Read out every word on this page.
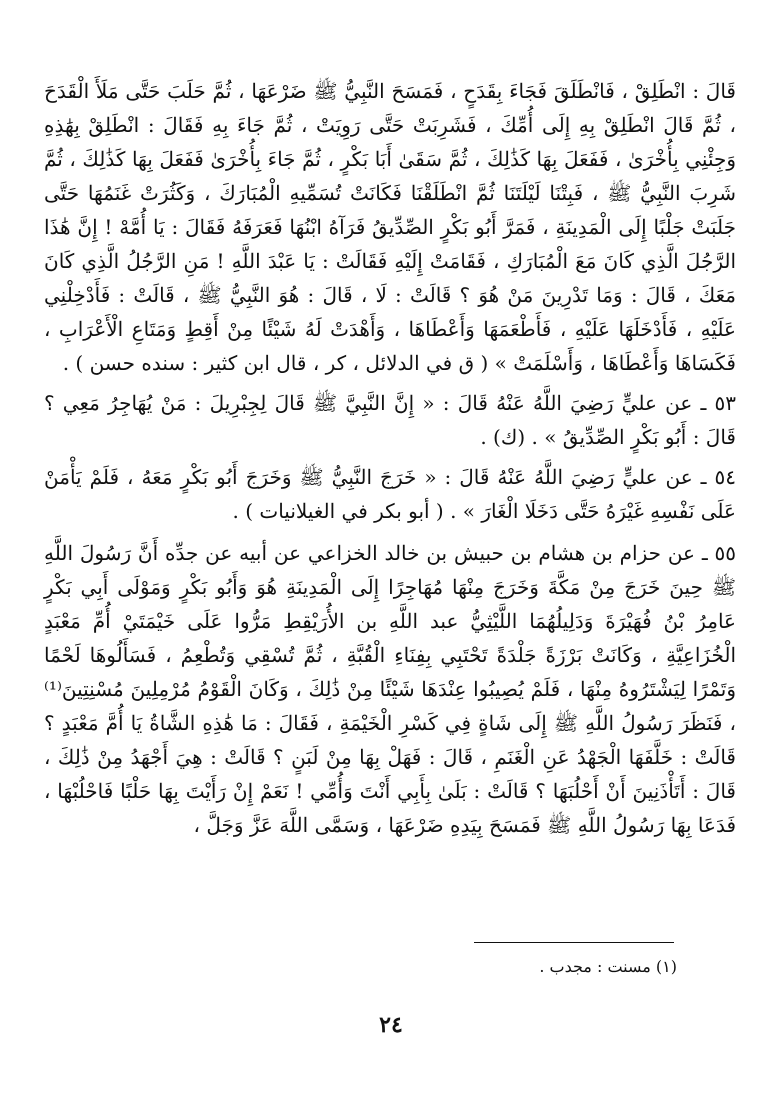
قَالَ : انْطَلِقْ ، فَانْطَلَقَ فَجَاءَ بِقَدَحٍ ، فَمَسَحَ النَّبِيُّ ﷺ ضَرْعَهَا ، ثُمَّ حَلَبَ حَتَّى مَلَأَ الْقَدَحَ ، ثُمَّ قَالَ انْطَلِقْ بِهِ إِلَى أُمِّكَ ، فَشَرِبَتْ حَتَّى رَوِيَتْ ، ثُمَّ جَاءَ بِهِ فَقَالَ : انْطَلِقْ بِهَٰذِهِ وَجِئْنِي بِأُخْرَىٰ ، فَفَعَلَ بِهَا كَذَٰلِكَ ، ثُمَّ سَقَىٰ أَبَا بَكْرٍ ، ثُمَّ جَاءَ بِأُخْرَىٰ فَفَعَلَ بِهَا كَذَٰلِكَ ، ثُمَّ شَرِبَ النَّبِيُّ ﷺ ، فَبِتْنَا لَيْلَتَنَا ثُمَّ انْطَلَقْنَا فَكَانَتْ تُسَمِّيهِ الْمُبَارَكَ ، وَكَثُرَتْ غَنَمُهَا حَتَّى جَلَبَتْ جَلْبًا إِلَى الْمَدِينَةِ ، فَمَرَّ أَبُو بَكْرٍ الصِّدِّيقُ فَرَآهُ ابْنُهَا فَعَرَفَهُ فَقَالَ : يَا أُمَّهْ ! إِنَّ هَٰذَا الرَّجُلَ الَّذِي كَانَ مَعَ الْمُبَارَكِ ، فَقَامَتْ إِلَيْهِ فَقَالَتْ : يَا عَبْدَ اللَّهِ ! مَنِ الرَّجُلُ الَّذِي كَانَ مَعَكَ ، قَالَ : وَمَا تَدْرِينَ مَنْ هُوَ ؟ قَالَتْ : لَا ، قَالَ : هُوَ النَّبِيُّ ﷺ ، قَالَتْ : فَأَدْخِلْنِي عَلَيْهِ ، فَأَدْخَلَهَا عَلَيْهِ ، فَأَطْعَمَهَا وَأَعْطَاهَا ، وَأَهْدَتْ لَهُ شَيْئًا مِنْ أَقِطٍ وَمَتَاعِ الْأَعْرَابِ ، فَكَسَاهَا وَأَعْطَاهَا ، وَأَسْلَمَتْ » ( ق في الدلائل ، كر ، قال ابن كثير : سنده حسن ) .

٥٣ ـ عن عليٍّ رَضِيَ اللَّهُ عَنْهُ قَالَ : « إِنَّ النَّبِيَّ ﷺ قَالَ لِجِبْرِيلَ : مَنْ يُهَاجِرُ مَعِي ؟ قَالَ : أَبُو بَكْرٍ الصِّدِّيقُ » . (ك) .

٥٤ ـ عن عليٍّ رَضِيَ اللَّهُ عَنْهُ قَالَ : « خَرَجَ النَّبِيُّ ﷺ وَخَرَجَ أَبُو بَكْرٍ مَعَهُ ، فَلَمْ يَأْمَنْ عَلَى نَفْسِهِ غَيْرَهُ حَتَّى دَخَلَا الْغَارَ » . ( أبو بكر في الغيلانيات ) .

٥٥ ـ عن حزام بن هشام بن حبيش بن خالد الخزاعي عن أبيه عن جدِّه أَنَّ رَسُولَ اللَّهِ ﷺ حِينَ خَرَجَ مِنْ مَكَّةَ وَخَرَجَ مِنْهَا مُهَاجِرًا إِلَى الْمَدِينَةِ هُوَ وَأَبُو بَكْرٍ وَمَوْلَى أَبِي بَكْرٍ عَامِرُ بْنُ فُهَيْرَةَ وَدَلِيلُهُمَا اللَّيْثِيُّ عبد اللَّهِ بن الأُرَيْقِطِ مَرُّوا عَلَى خَيْمَتَيْ أُمِّ مَعْبَدٍ الْخُزَاعِيَّةِ ، وَكَانَتْ بَرْزَةً جَلْدَةً تَحْتَبِي بِفِنَاءِ الْقُبَّةِ ، ثُمَّ تُسْقِي وَتُطْعِمُ ، فَسَأَلُوهَا لَحْمًا وَتَمْرًا لِيَشْتَرُوهُ مِنْهَا ، فَلَمْ يُصِيبُوا عِنْدَهَا شَيْئًا مِنْ ذَٰلِكَ ، وَكَانَ الْقَوْمُ مُرْمِلِينَ مُسْنِتِينَ⁽¹⁾ ، فَنَظَرَ رَسُولُ اللَّهِ ﷺ إِلَى شَاةٍ فِي كَسْرِ الْخَيْمَةِ ، فَقَالَ : مَا هَٰذِهِ الشَّاةُ يَا أُمَّ مَعْبَدٍ ؟ قَالَتْ : خَلَّفَهَا الْجَهْدُ عَنِ الْغَنَمِ ، قَالَ : فَهَلْ بِهَا مِنْ لَبَنٍ ؟ قَالَتْ : هِيَ أَجْهَدُ مِنْ ذَٰلِكَ ، قَالَ : أَتَأْذَنِينَ أَنْ أَحْلُبَهَا ؟ قَالَتْ : بَلَىٰ بِأَبِي أَنْتَ وَأُمِّي ! نَعَمْ إِنْ رَأَيْتَ بِهَا حَلْبًا فَاحْلُبْهَا ، فَدَعَا بِهَا رَسُولُ اللَّهِ ﷺ فَمَسَحَ بِيَدِهِ ضَرْعَهَا ، وَسَمَّى اللَّهَ عَزَّ وَجَلَّ ،

(١) مسنت : مجدب .
٢٤
